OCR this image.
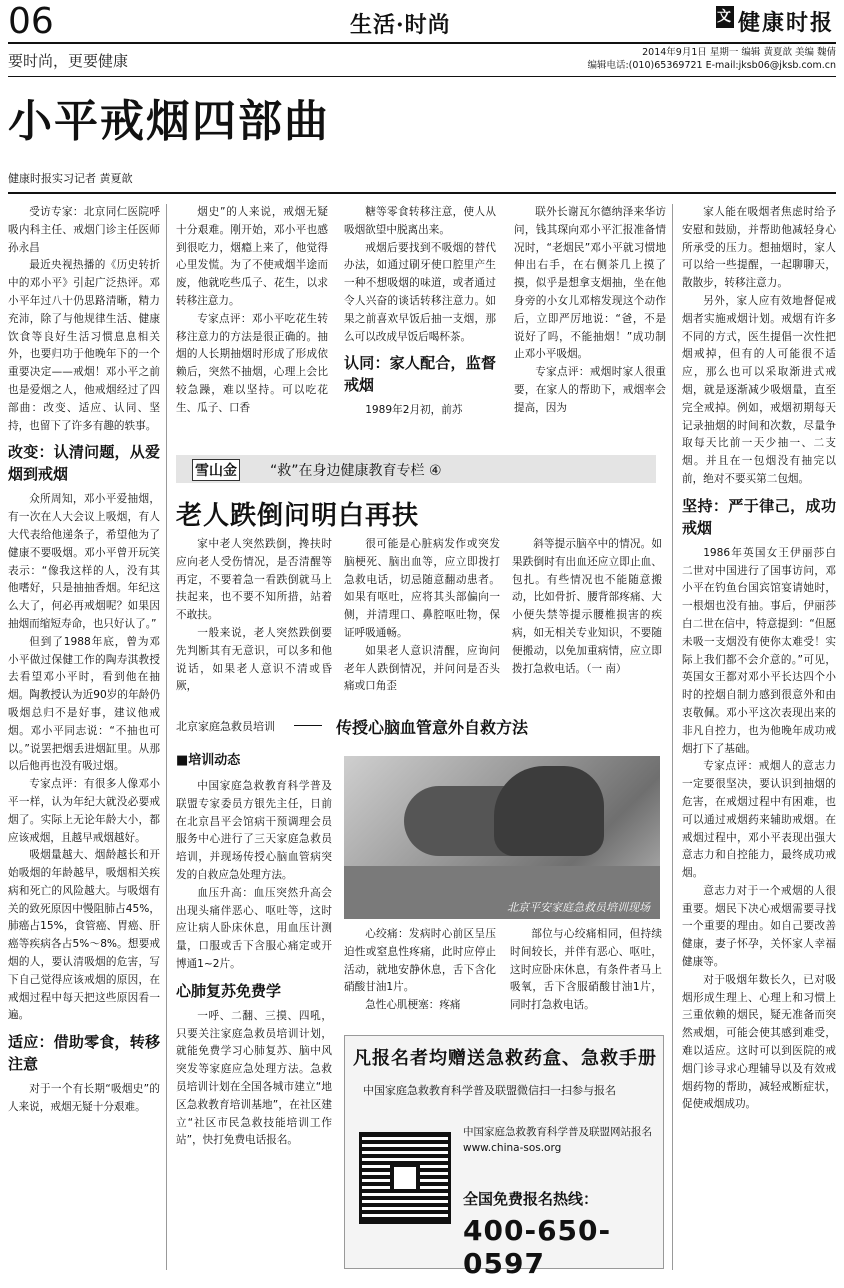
06	生活·时尚	文 健康时报
要时尚，更要健康	2014年9月1日 星期一 编辑 黄夏歆 美编 魏倩
编辑电话:(010)65369721 E-mail:jksb06@jksb.com.cn
小平戒烟四部曲
健康时报实习记者 黄夏歆

受访专家：北京同仁医院呼吸内科主任、戒烟门诊主任医师孙永昌

最近央视热播的《历史转折中的邓小平》引起广泛热评。邓小平年过八十仍思路清晰，精力充沛，除了与他规律生活、健康饮食等良好生活习惯息息相关外，也要归功于他晚年下的一个重要决定——戒烟！邓小平之前也是爱烟之人，他戒烟经过了四部曲：改变、适应、认同、坚持，也留下了许多有趣的轶事。

改变：认清问题，从爱烟到戒烟

众所周知，邓小平爱抽烟，有一次在人大会议上吸烟，有人大代表给他递条子，希望他为了健康不要吸烟。邓小平曾开玩笑表示：“像我这样的人，没有其他嗜好，只是抽抽香烟。年纪这么大了，何必再戒烟呢？如果因抽烟而缩短寿命，也只好认了。”

但到了1988年底，曾为邓小平做过保健工作的陶寿淇教授去看望邓小平时，看到他在抽烟。陶教授认为近90岁的年龄仍吸烟总归不是好事，建议他戒烟。邓小平同志说：“不抽也可以。”说罢把烟丢进烟缸里。从那以后他再也没有吸过烟。

专家点评：有很多人像邓小平一样，认为年纪大就没必要戒烟了。实际上无论年龄大小，都应该戒烟，且越早戒烟越好。

吸烟量越大、烟龄越长和开始吸烟的年龄越早，吸烟相关疾病和死亡的风险越大。与吸烟有关的致死原因中慢阻肺占45%，肺癌占15%，食管癌、胃癌、肝癌等疾病各占5%～8%。想要戒烟的人，要认清吸烟的危害，写下自己觉得应该戒烟的原因，在戒烟过程中每天把这些原因看一遍。

适应：借助零食，转移注意

对于一个有长期“吸烟史”的人来说，戒烟无疑十分艰难。

烟史”的人来说，戒烟无疑十分艰难。刚开始，邓小平也感到很吃力，烟瘾上来了，他觉得心里发慌。为了不使戒烟半途而废，他就吃些瓜子、花生，以求转移注意力。

专家点评：邓小平吃花生转移注意力的方法是很正确的。抽烟的人长期抽烟时形成了形成依赖后，突然不抽烟，心理上会比较急躁，难以坚持。可以吃花生、瓜子、口香

糖等零食转移注意，使人从吸烟欲望中脱离出来。

戒烟后要找到不吸烟的替代办法，如通过刷牙使口腔里产生一种不想吸烟的味道，或者通过令人兴奋的谈话转移注意力。如果之前喜欢早饭后抽一支烟，那么可以改成早饭后喝杯茶。

认同：家人配合，监督戒烟

1989年2月初，前苏

联外长谢瓦尔德纳泽来华访问，钱其琛向邓小平汇报准备情况时，“老烟民”邓小平就习惯地伸出右手，在右侧茶几上摸了摸，似乎是想拿支烟抽，坐在他身旁的小女儿邓榕发现这个动作后，立即严厉地说：“爸，不是说好了吗，不能抽烟！”成功制止邓小平吸烟。

专家点评：戒烟时家人很重要，在家人的帮助下，戒烟率会提高，因为

家人能在吸烟者焦虑时给予安慰和鼓励，并帮助他减轻身心所承受的压力。想抽烟时，家人可以给一些提醒，一起聊聊天，散散步，转移注意力。

另外，家人应有效地督促戒烟者实施戒烟计划。戒烟有许多不同的方式，医生提倡一次性把烟戒掉，但有的人可能很不适应，那么也可以采取渐进式戒烟，就是逐渐减少吸烟量，直至完全戒掉。例如，戒烟初期每天记录抽烟的时间和次数，尽量争取每天比前一天少抽一、二支烟。并且在一包烟没有抽完以前，绝对不要买第二包烟。

坚持：严于律己，成功戒烟

1986年英国女王伊丽莎白二世对中国进行了国事访问，邓小平在钓鱼台国宾馆宴请她时，一根烟也没有抽。事后，伊丽莎白二世在信中，特意提到：“但愿未吸一支烟没有使你太难受！实际上我们都不会介意的。”可见，英国女王都对邓小平长达四个小时的控烟自制力感到很意外和由衷敬佩。邓小平这次表现出来的非凡自控力，也为他晚年成功戒烟打下了基础。

专家点评：戒烟人的意志力一定要很坚决，要认识到抽烟的危害，在戒烟过程中有困难，也可以通过戒烟药来辅助戒烟。在戒烟过程中，邓小平表现出强大意志力和自控能力，最终成功戒烟。

意志力对于一个戒烟的人很重要。烟民下决心戒烟需要寻找一个重要的理由。如自己要改善健康，妻子怀孕，关怀家人幸福健康等。

对于吸烟年数长久，已对吸烟形成生理上、心理上和习惯上三重依赖的烟民，疑无准备而突然戒烟，可能会使其感到难受，难以适应。这时可以到医院的戒烟门诊寻求心理辅导以及有效戒烟药物的帮助，减轻戒断症状，促使戒烟成功。

雪山金 “救”在身边健康教育专栏 ④
老人跌倒问明白再扶

家中老人突然跌倒，搀扶时应向老人受伤情况，是否清醒等再定，不要着急一看跌倒就马上扶起来，也不要不知所措，站着不敢扶。

一般来说，老人突然跌倒要先判断其有无意识，可以多和他说话，如果老人意识不清或昏厥，

很可能是心脏病发作或突发脑梗死、脑出血等，应立即拨打急救电话，切忌随意翻动患者。如果有呕吐，应将其头部偏向一侧，并清理口、鼻腔呕吐物，保证呼吸通畅。

如果老人意识清醒，应询问老年人跌倒情况，并问问是否头痛或口角歪

斜等提示脑卒中的情况。如果跌倒时有出血还应立即止血、包扎。有些情况也不能随意搬动，比如骨折、腰背部疼痛、大小便失禁等提示腰椎损害的疾病，如无相关专业知识，不要随便搬动，以免加重病情，应立即拨打急救电话。（一 南）

北京家庭急救员培训	传授心脑血管意外自救方法
■培训动态

中国家庭急救教育科学普及联盟专家委员方银先主任，日前在北京昌平会馆病干预调理会员服务中心进行了三天家庭急救员培训，并现场传授心脑血管病突发的自救应急处理方法。

血压升高：血压突然升高会出现头痛伴恶心、呕吐等，这时应让病人卧床休息，用血压计测量，口服或舌下含服心痛定或开博通1~2片。

心肺复苏免费学

一呼、二翻、三摸、四吼，只要关注家庭急救员培训计划，就能免费学习心肺复苏、脑中风突发等家庭应急处理方法。急救员培训计划在全国各城市建立“地区急救教育培训基地”，在社区建立“社区市民急救技能培训工作站”，快打免费电话报名。

北京平安家庭急救员培训现场

心绞痛：发病时心前区呈压迫性或窒息性疼痛，此时应停止活动，就地安静休息，舌下含化硝酸甘油1片。

急性心肌梗塞：疼痛

部位与心绞痛相同，但持续时间较长，并伴有恶心、呕吐，这时应卧床休息，有条件者马上吸氧，舌下含服硝酸甘油1片，同时打急救电话。

凡报名者均赠送急救药盒、急救手册
中国家庭急救教育科学普及联盟微信扫一扫参与报名
中国家庭急救教育科学普及联盟网站报名 www.china-sos.org
全国免费报名热线：
400-650-0597
